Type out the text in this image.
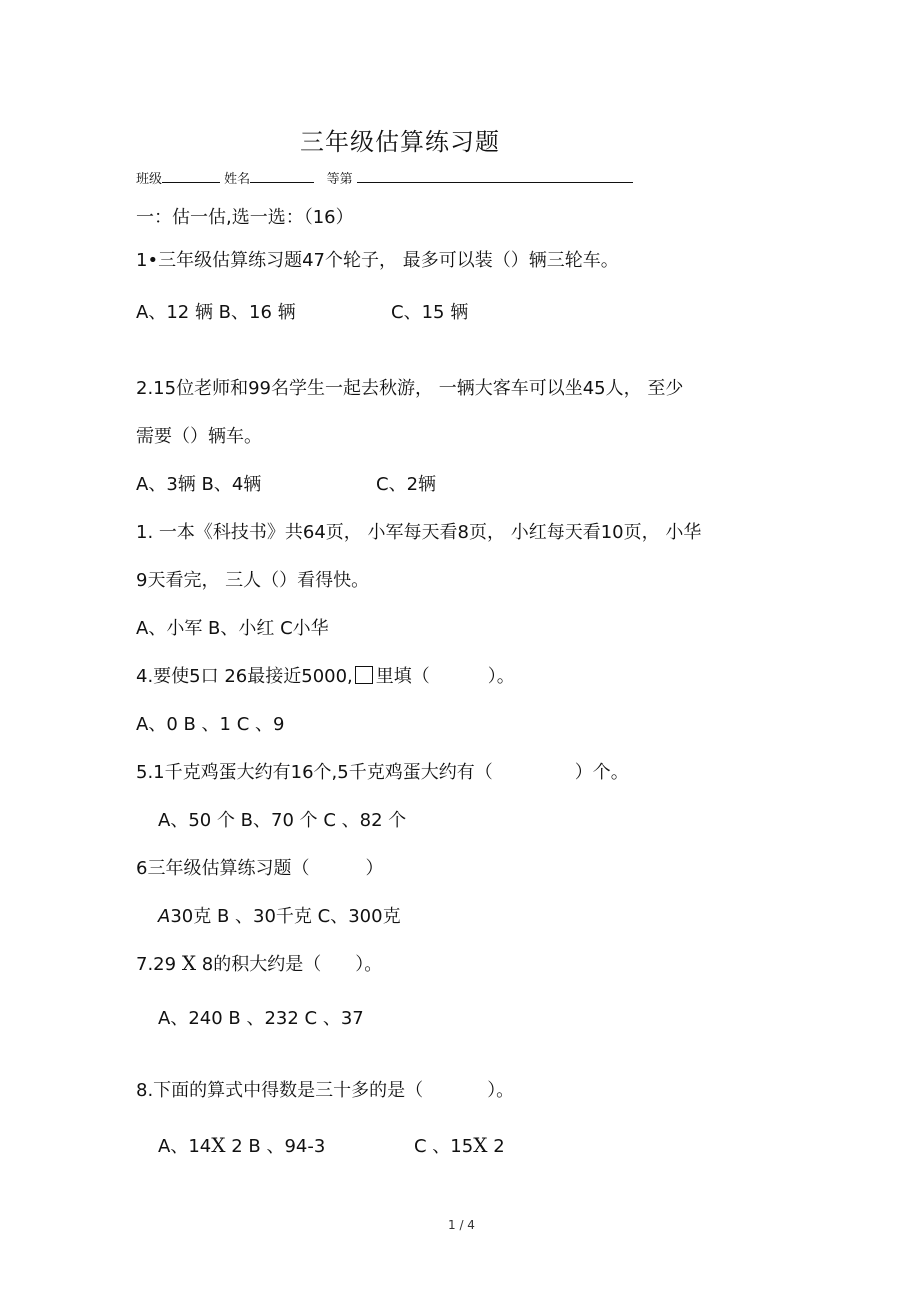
三年级估算练习题
班级	姓名	等第
一：估一估,选一选：（16）
1•三年级估算练习题47个轮子， 最多可以装（）辆三轮车。
A、12 辆 B、16 辆	C、15 辆
2.15位老师和99名学生一起去秋游， 一辆大客车可以坐45人， 至少
需要（）辆车。
A、3辆 B、4辆	C、2辆
1. 一本《科技书》共64页， 小军每天看8页， 小红每天看10页， 小华
9天看完， 三人（）看得快。
A、小军 B、小红 C小华
4.要使5口 26最接近5000, 里填（	）。
A、0 B 、1 C 、9
5.1千克鸡蛋大约有16个,5千克鸡蛋大约有（	）个。
A、50 个 B、70 个 C 、82 个
6三年级估算练习题（	）
A30克 B 、30千克 C、300克
7.29 X 8的积大约是（ ）。
A、240 B 、232 C 、37
8.下面的算式中得数是三十多的是（	）。
A、14X 2 B 、94-3	C 、15X 2
1 / 4
